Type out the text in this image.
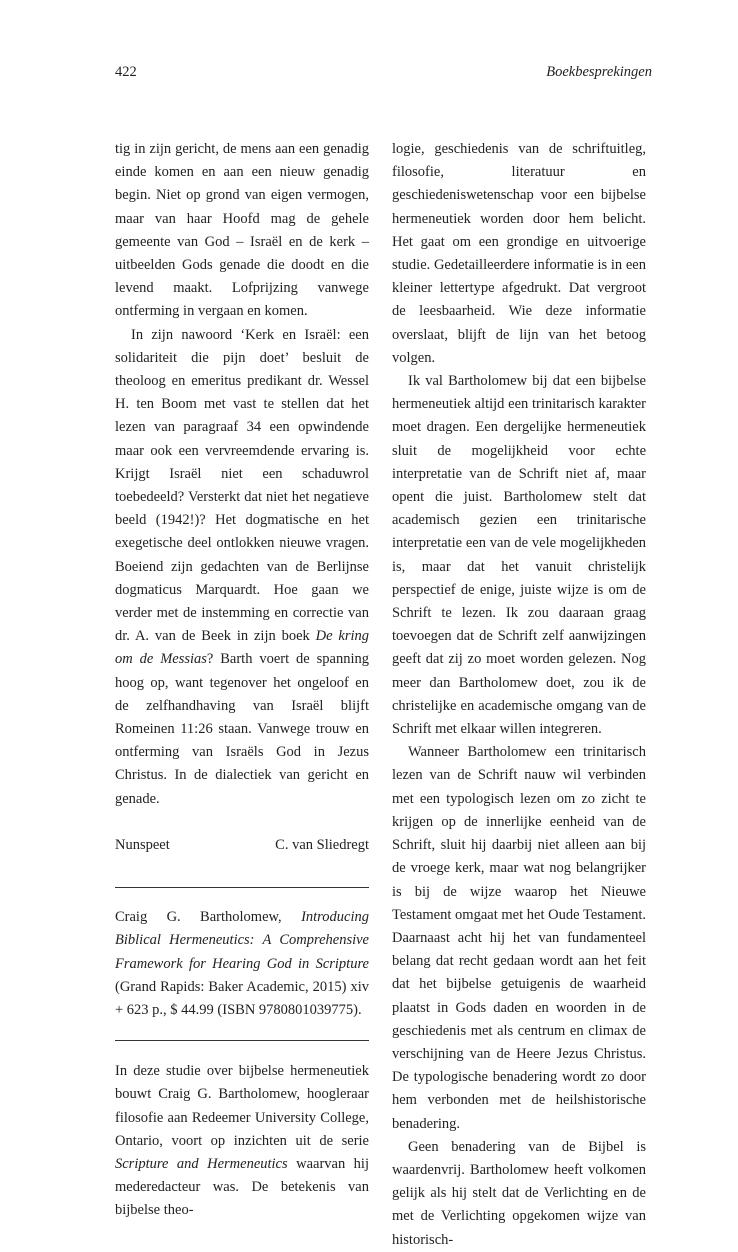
422	Boekbesprekingen

tig in zijn gericht, de mens aan een genadig einde komen en aan een nieuw genadig begin. Niet op grond van eigen vermogen, maar van haar Hoofd mag de gehele gemeente van God – Israël en de kerk – uitbeelden Gods genade die doodt en die levend maakt. Lofprijzing vanwege ontferming in vergaan en komen.

In zijn nawoord ‘Kerk en Israël: een solidariteit die pijn doet’ besluit de theoloog en emeritus predikant dr. Wessel H. ten Boom met vast te stellen dat het lezen van paragraaf 34 een opwindende maar ook een vervreemdende ervaring is. Krijgt Israël niet een schaduwrol toebedeeld? Versterkt dat niet het negatieve beeld (1942!)? Het dogmatische en het exegetische deel ontlokken nieuwe vragen. Boeiend zijn gedachten van de Berlijnse dogmaticus Marquardt. Hoe gaan we verder met de instemming en correctie van dr. A. van de Beek in zijn boek De kring om de Messias? Barth voert de spanning hoog op, want tegenover het ongeloof en de zelfhandhaving van Israël blijft Romeinen 11:26 staan. Vanwege trouw en ontferming van Israëls God in Jezus Christus. In de dialectiek van gericht en genade.

Nunspeet	C. van Sliedregt

Craig G. Bartholomew, Introducing Biblical Hermeneutics: A Comprehensive Framework for Hearing God in Scripture (Grand Rapids: Baker Academic, 2015) xiv + 623 p., $ 44.99 (ISBN 9780801039775).

In deze studie over bijbelse hermeneutiek bouwt Craig G. Bartholomew, hoogleraar filosofie aan Redeemer University College, Ontario, voort op inzichten uit de serie Scripture and Hermeneutics waarvan hij mederedacteur was. De betekenis van bijbelse theo-

logie, geschiedenis van de schriftuitleg, filosofie, literatuur en geschiedeniswetenschap voor een bijbelse hermeneutiek worden door hem belicht. Het gaat om een grondige en uitvoerige studie. Gedetailleerdere informatie is in een kleiner lettertype afgedrukt. Dat vergroot de leesbaarheid. Wie deze informatie overslaat, blijft de lijn van het betoog volgen.

Ik val Bartholomew bij dat een bijbelse hermeneutiek altijd een trinitarisch karakter moet dragen. Een dergelijke hermeneutiek sluit de mogelijkheid voor echte interpretatie van de Schrift niet af, maar opent die juist. Bartholomew stelt dat academisch gezien een trinitarische interpretatie een van de vele mogelijkheden is, maar dat het vanuit christelijk perspectief de enige, juiste wijze is om de Schrift te lezen. Ik zou daaraan graag toevoegen dat de Schrift zelf aanwijzingen geeft dat zij zo moet worden gelezen. Nog meer dan Bartholomew doet, zou ik de christelijke en academische omgang van de Schrift met elkaar willen integreren.

Wanneer Bartholomew een trinitarisch lezen van de Schrift nauw wil verbinden met een typologisch lezen om zo zicht te krijgen op de innerlijke eenheid van de Schrift, sluit hij daarbij niet alleen aan bij de vroege kerk, maar wat nog belangrijker is bij de wijze waarop het Nieuwe Testament omgaat met het Oude Testament. Daarnaast acht hij het van fundamenteel belang dat recht gedaan wordt aan het feit dat het bijbelse getuigenis de waarheid plaatst in Gods daden en woorden in de geschiedenis met als centrum en climax de verschijning van de Heere Jezus Christus. De typologische benadering wordt zo door hem verbonden met de heilshistorische benadering.

Geen benadering van de Bijbel is waardenvrij. Bartholomew heeft volkomen gelijk als hij stelt dat de Verlichting en de met de Verlichting opgekomen wijze van historisch-
